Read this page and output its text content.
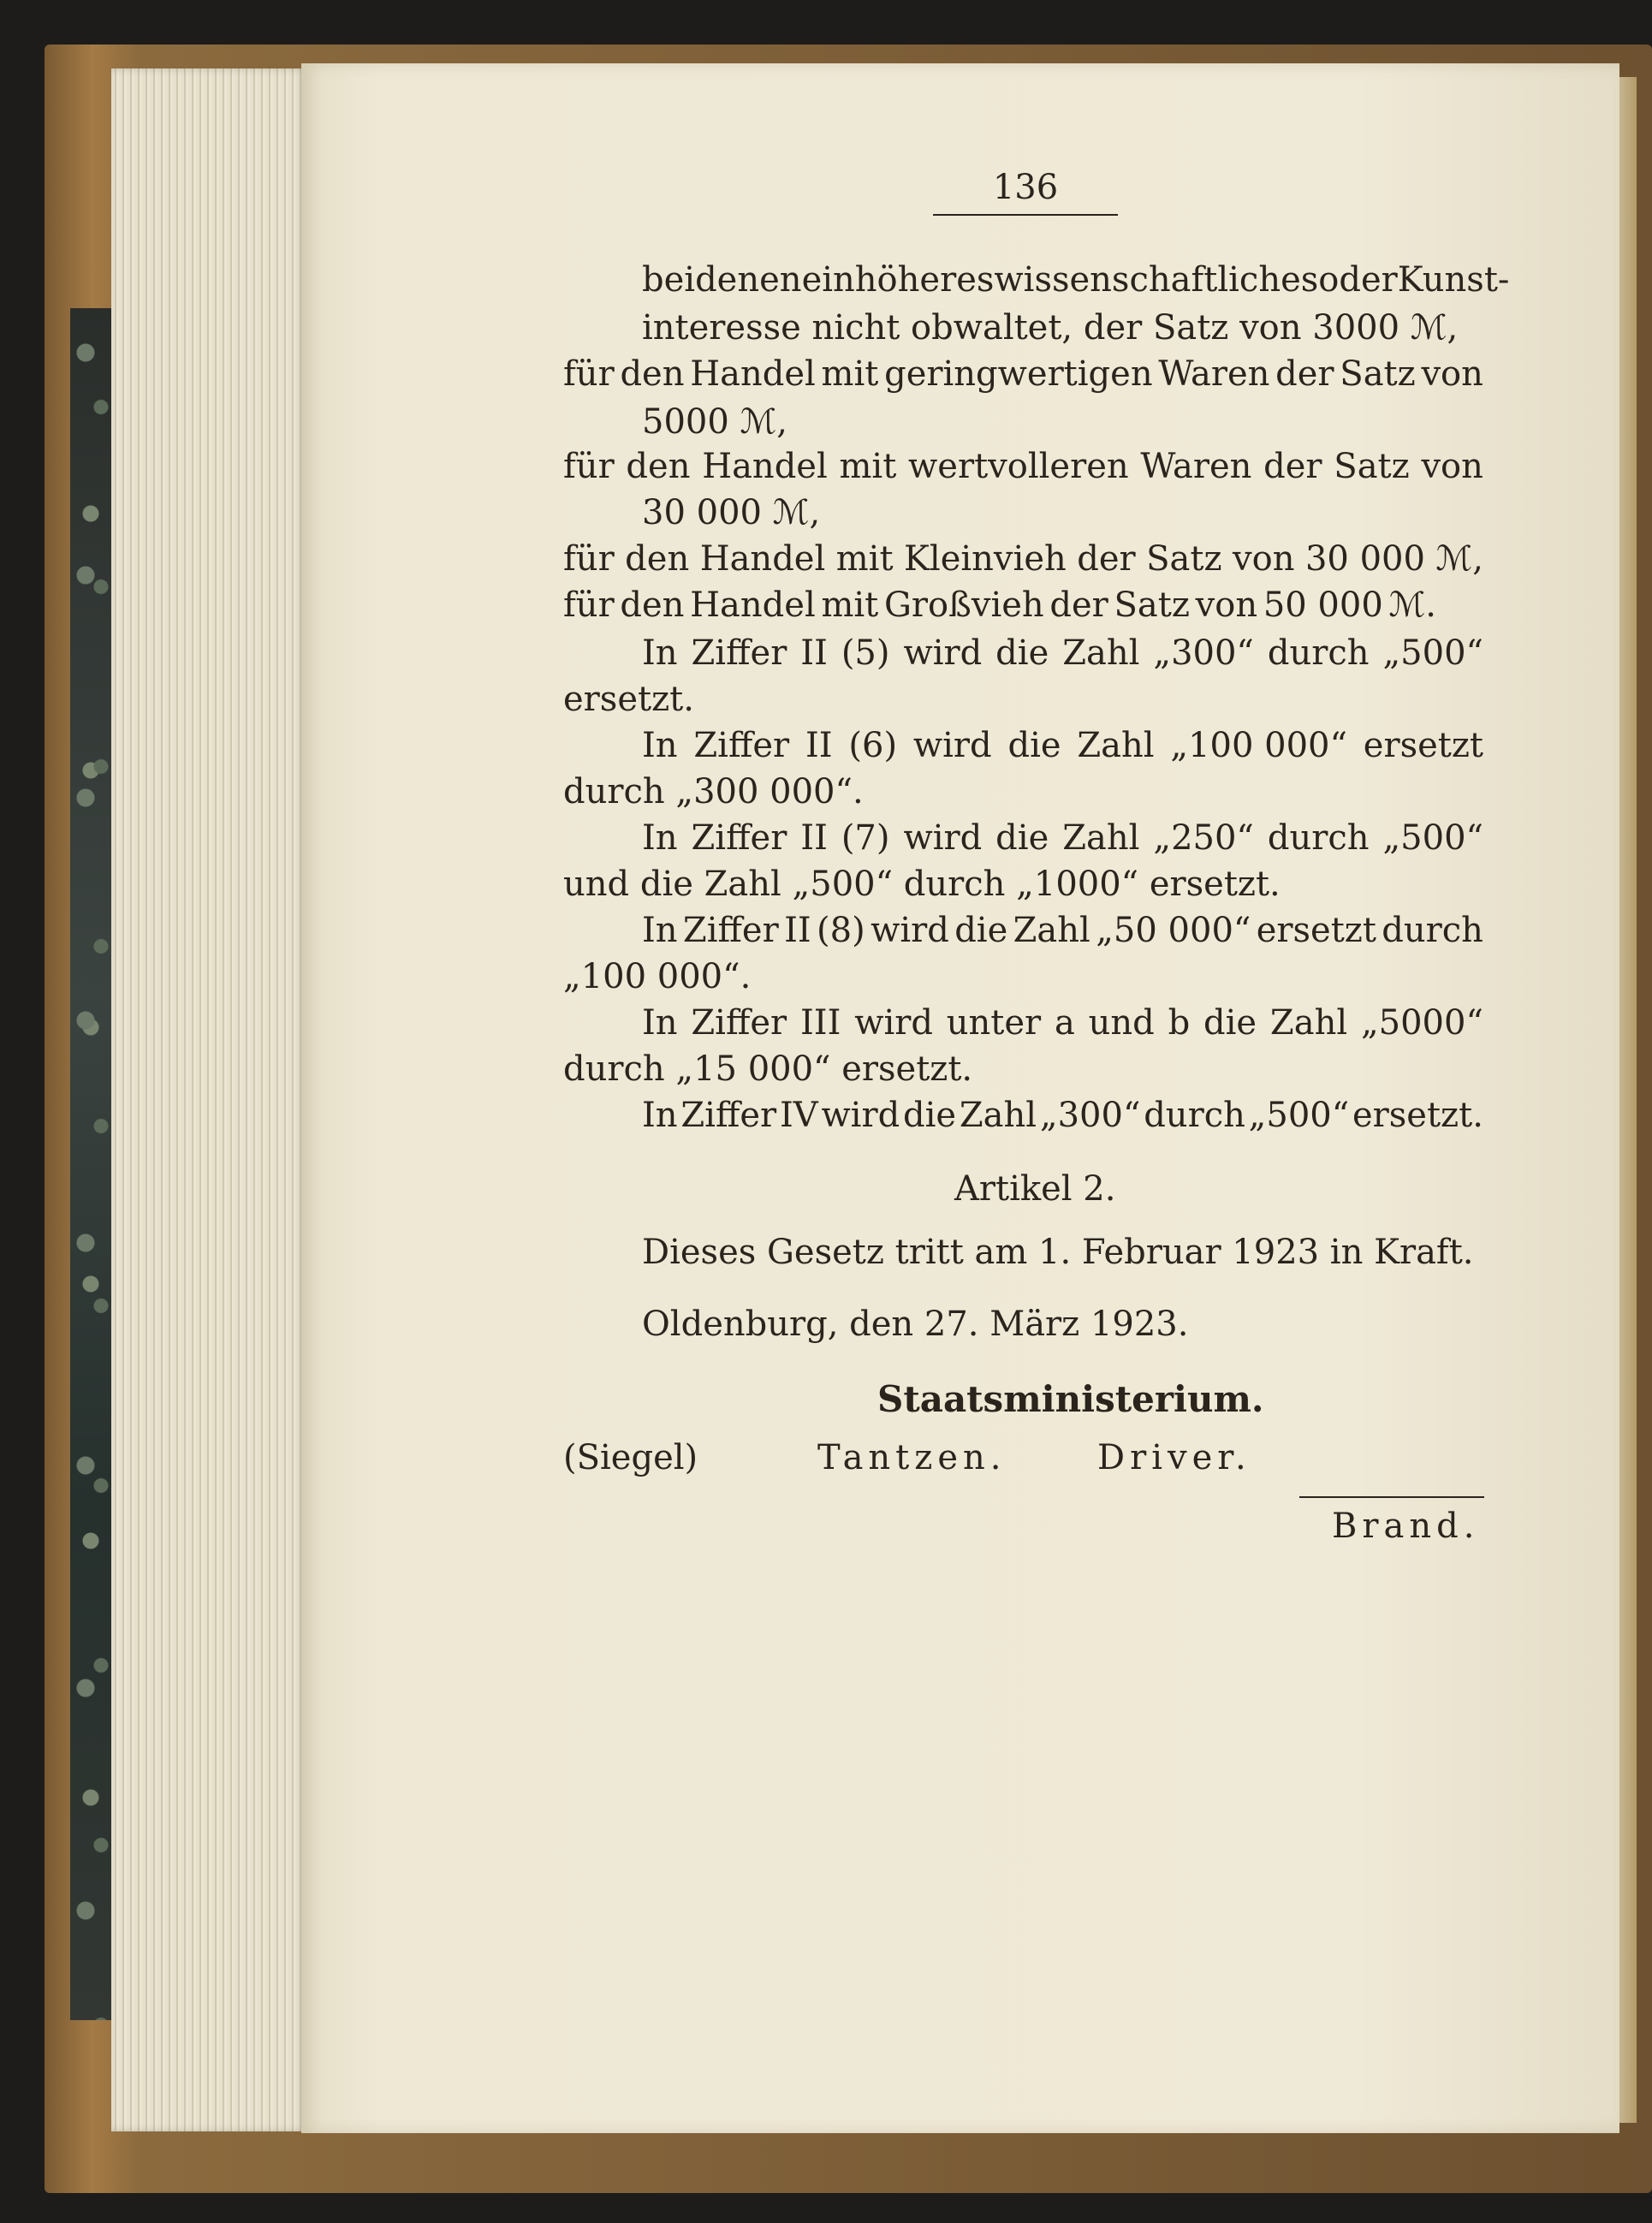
136
bei denen ein höheres wissenschaftliches oder Kunst-
interesse nicht obwaltet, der Satz von 3000 ℳ,
für den Handel mit geringwertigen Waren der Satz von
5000 ℳ,
für den Handel mit wertvolleren Waren der Satz von
30 000 ℳ,
für den Handel mit Kleinvieh der Satz von 30 000 ℳ,
für den Handel mit Großvieh der Satz von 50 000 ℳ.
In Ziffer II (5) wird die Zahl „300“ durch „500“
ersetzt.
In Ziffer II (6) wird die Zahl „100 000“ ersetzt
durch „300 000“.
In Ziffer II (7) wird die Zahl „250“ durch „500“
und die Zahl „500“ durch „1000“ ersetzt.
In Ziffer II (8) wird die Zahl „50 000“ ersetzt durch
„100 000“.
In Ziffer III wird unter a und b die Zahl „5000“
durch „15 000“ ersetzt.
In Ziffer IV wird die Zahl „300“ durch „500“ ersetzt.
Artikel 2.
Dieses Gesetz tritt am 1. Februar 1923 in Kraft.
Oldenburg, den 27. März 1923.
Staatsministerium.
(Siegel)	Tantzen.	Driver.
Brand.
